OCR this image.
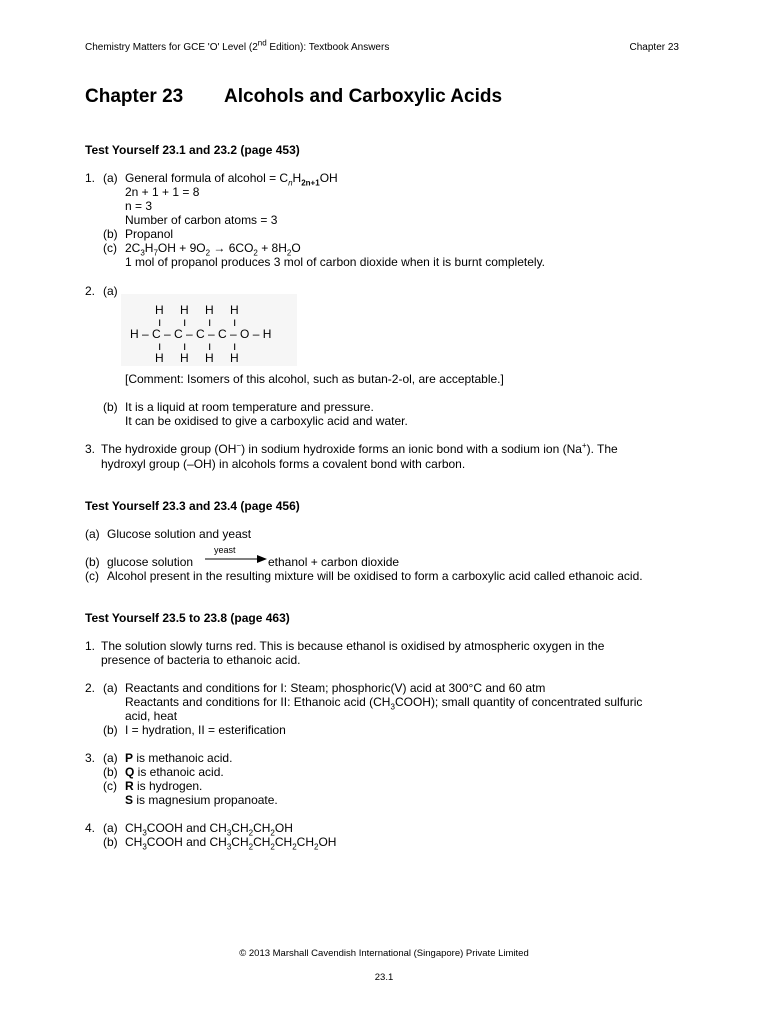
Chemistry Matters for GCE 'O' Level (2nd Edition): Textbook Answers	Chapter 23
Chapter 23 Alcohols and Carboxylic Acids
Test Yourself 23.1 and 23.2 (page 453)
1. (a) General formula of alcohol = $C_nH_{2n+1}OH$
2n + 1 + 1 = 8
n = 3
Number of carbon atoms = 3
(b) Propanol
(c) $2C_3H_7OH + 9O_2 \to 6CO_2 + 8H_2O$
1 mol of propanol produces 3 mol of carbon dioxide when it is burnt completely.
2. (a)
H H H H
ı ı ı ı
H – C – C – C – C – O – H
ı ı ı ı
H H H H
[Comment: Isomers of this alcohol, such as butan-2-ol, are acceptable.]
(b) It is a liquid at room temperature and pressure.
It can be oxidised to give a carboxylic acid and water.
3. The hydroxide group (OH−) in sodium hydroxide forms an ionic bond with a sodium ion (Na+). The
hydroxyl group (–OH) in alcohols forms a covalent bond with carbon.
Test Yourself 23.3 and 23.4 (page 456)
(a) Glucose solution and yeast
(b) glucose solution
yeast
→ ethanol + carbon dioxide
(c) Alcohol present in the resulting mixture will be oxidised to form a carboxylic acid called ethanoic acid.
Test Yourself 23.5 to 23.8 (page 463)
1. The solution slowly turns red. This is because ethanol is oxidised by atmospheric oxygen in the
presence of bacteria to ethanoic acid.
2. (a) Reactants and conditions for I: Steam; phosphoric(V) acid at 300°C and 60 atm
Reactants and conditions for II: Ethanoic acid $(CH_3COOH)$; small quantity of concentrated sulfuric
acid, heat
(b) I = hydration, II = esterification
3. (a) P is methanoic acid.
(b) Q is ethanoic acid.
(c) R is hydrogen.
S is magnesium propanoate.
4. (a) $CH_3COOH$ and $CH_3CH_2CH_2OH$
(b) $CH_3COOH$ and $CH_3CH_2CH_2CH_2CH_2OH$
© 2013 Marshall Cavendish International (Singapore) Private Limited
23.1
